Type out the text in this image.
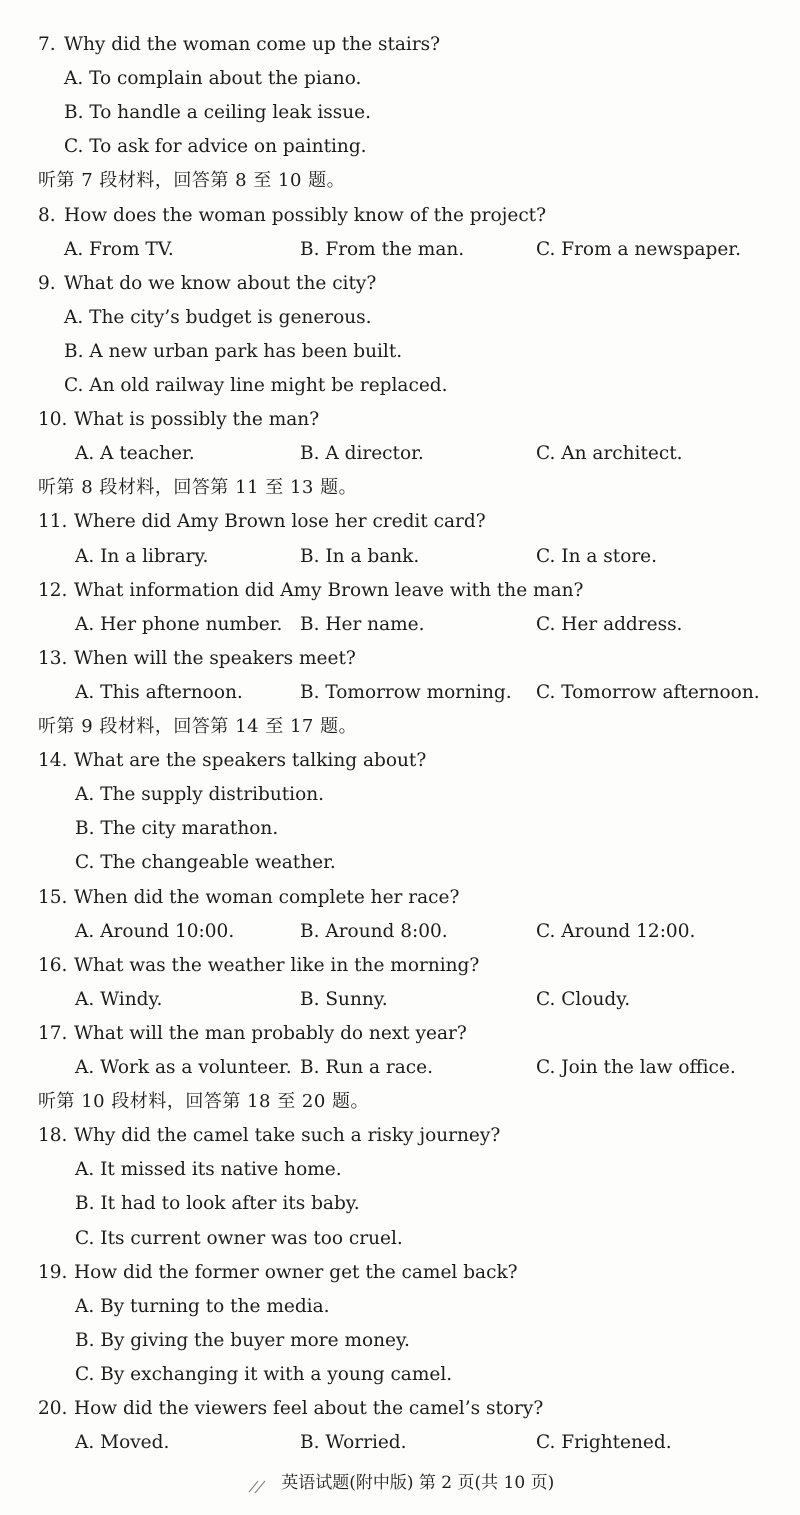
7. Why did the woman come up the stairs?
A. To complain about the piano.
B. To handle a ceiling leak issue.
C. To ask for advice on painting.
听第 7 段材料，回答第 8 至 10 题。
8. How does the woman possibly know of the project?
A. From TV.	B. From the man.	C. From a newspaper.
9. What do we know about the city?
A. The city’s budget is generous.
B. A new urban park has been built.
C. An old railway line might be replaced.
10. What is possibly the man?
A. A teacher.	B. A director.	C. An architect.
听第 8 段材料，回答第 11 至 13 题。
11. Where did Amy Brown lose her credit card?
A. In a library.	B. In a bank.	C. In a store.
12. What information did Amy Brown leave with the man?
A. Her phone number. B. Her name.	C. Her address.
13. When will the speakers meet?
A. This afternoon.	B. Tomorrow morning. C. Tomorrow afternoon.
听第 9 段材料，回答第 14 至 17 题。
14. What are the speakers talking about?
A. The supply distribution.
B. The city marathon.
C. The changeable weather.
15. When did the woman complete her race?
A. Around 10:00.	B. Around 8:00.	C. Around 12:00.
16. What was the weather like in the morning?
A. Windy.	B. Sunny.	C. Cloudy.
17. What will the man probably do next year?
A. Work as a volunteer. B. Run a race.	C. Join the law office.
听第 10 段材料，回答第 18 至 20 题。
18. Why did the camel take such a risky journey?
A. It missed its native home.
B. It had to look after its baby.
C. Its current owner was too cruel.
19. How did the former owner get the camel back?
A. By turning to the media.
B. By giving the buyer more money.
C. By exchanging it with a young camel.
20. How did the viewers feel about the camel’s story?
A. Moved.	B. Worried.	C. Frightened.
英语试题(附中版) 第 2 页(共 10 页)
